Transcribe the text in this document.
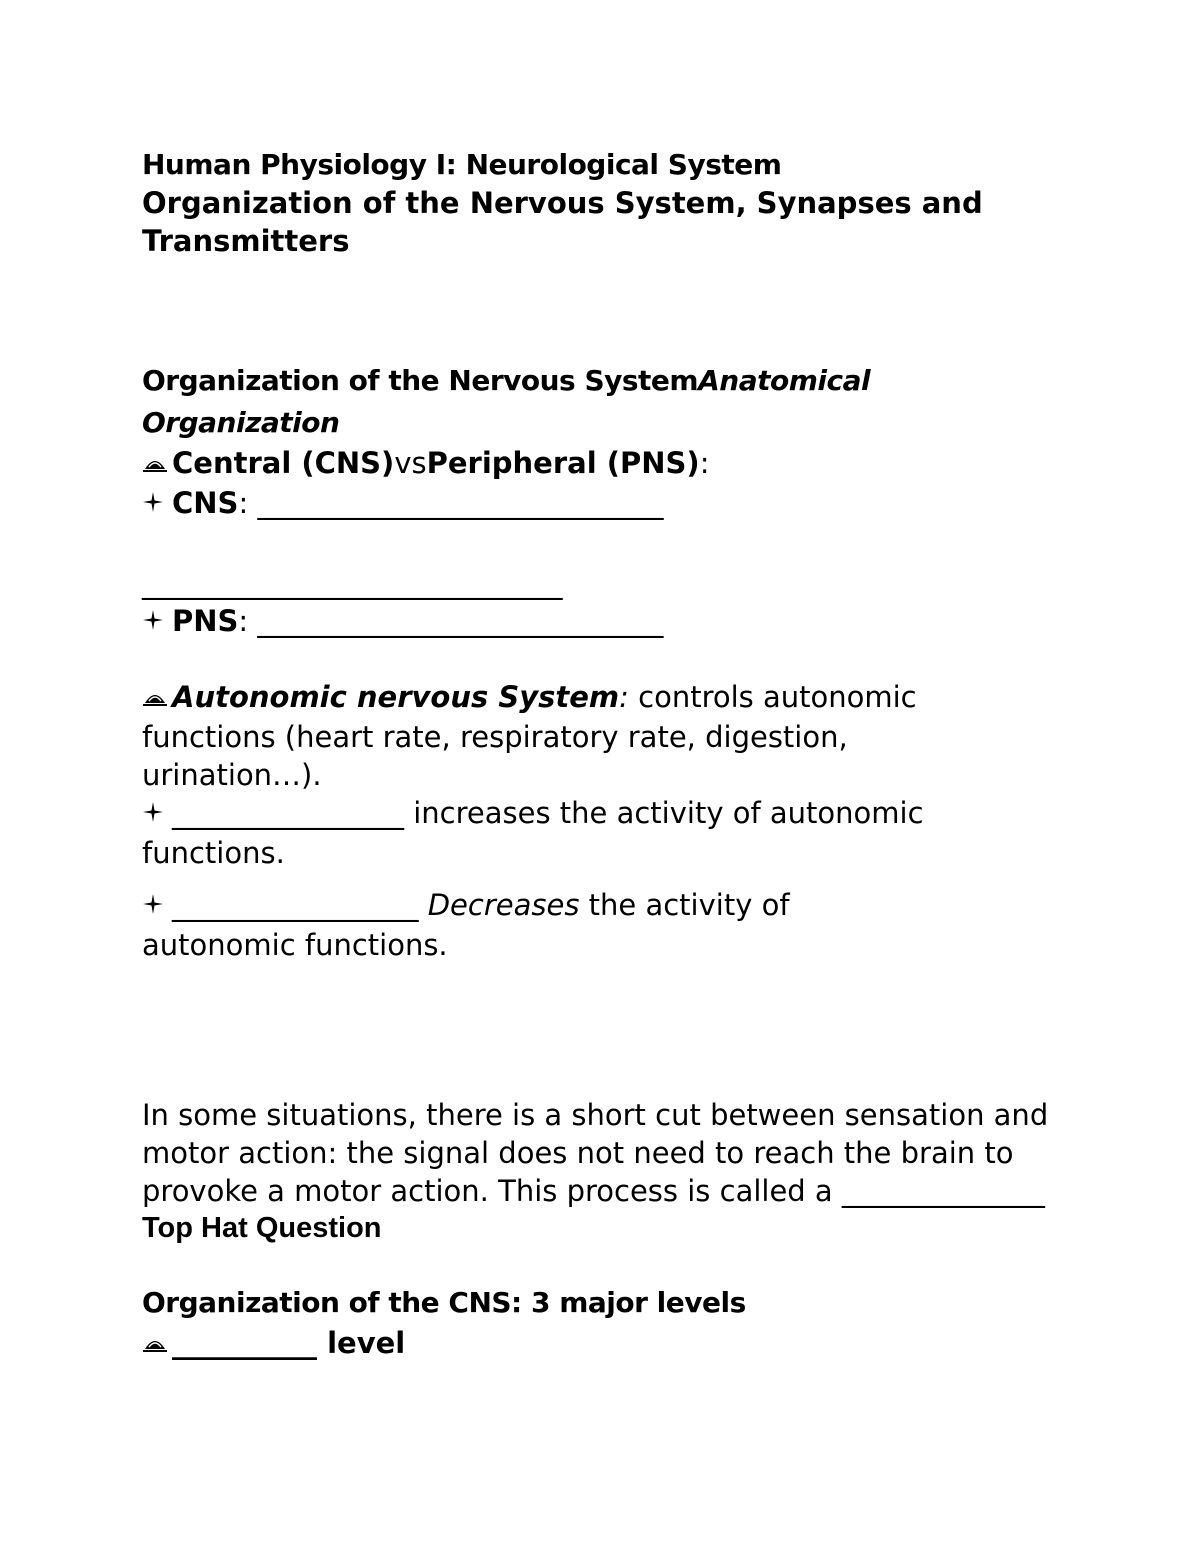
Human Physiology I: Neurological System
Organization of the Nervous System, Synapses and Transmitters
Organization of the Nervous SystemAnatomical Organization
Central (CNS)vsPeripheral (PNS):
CNS: ____________________________
_____________________________
PNS: ____________________________
Autonomic nervous System: controls autonomic functions (heart rate, respiratory rate, digestion, urination…).
________________ increases the activity of autonomic functions.
_________________ Decreases the activity of autonomic functions.
In some situations, there is a short cut between sensation and motor action: the signal does not need to reach the brain to provoke a motor action. This process is called a ______________
Top Hat Question
Organization of the CNS: 3 major levels
__________ level
